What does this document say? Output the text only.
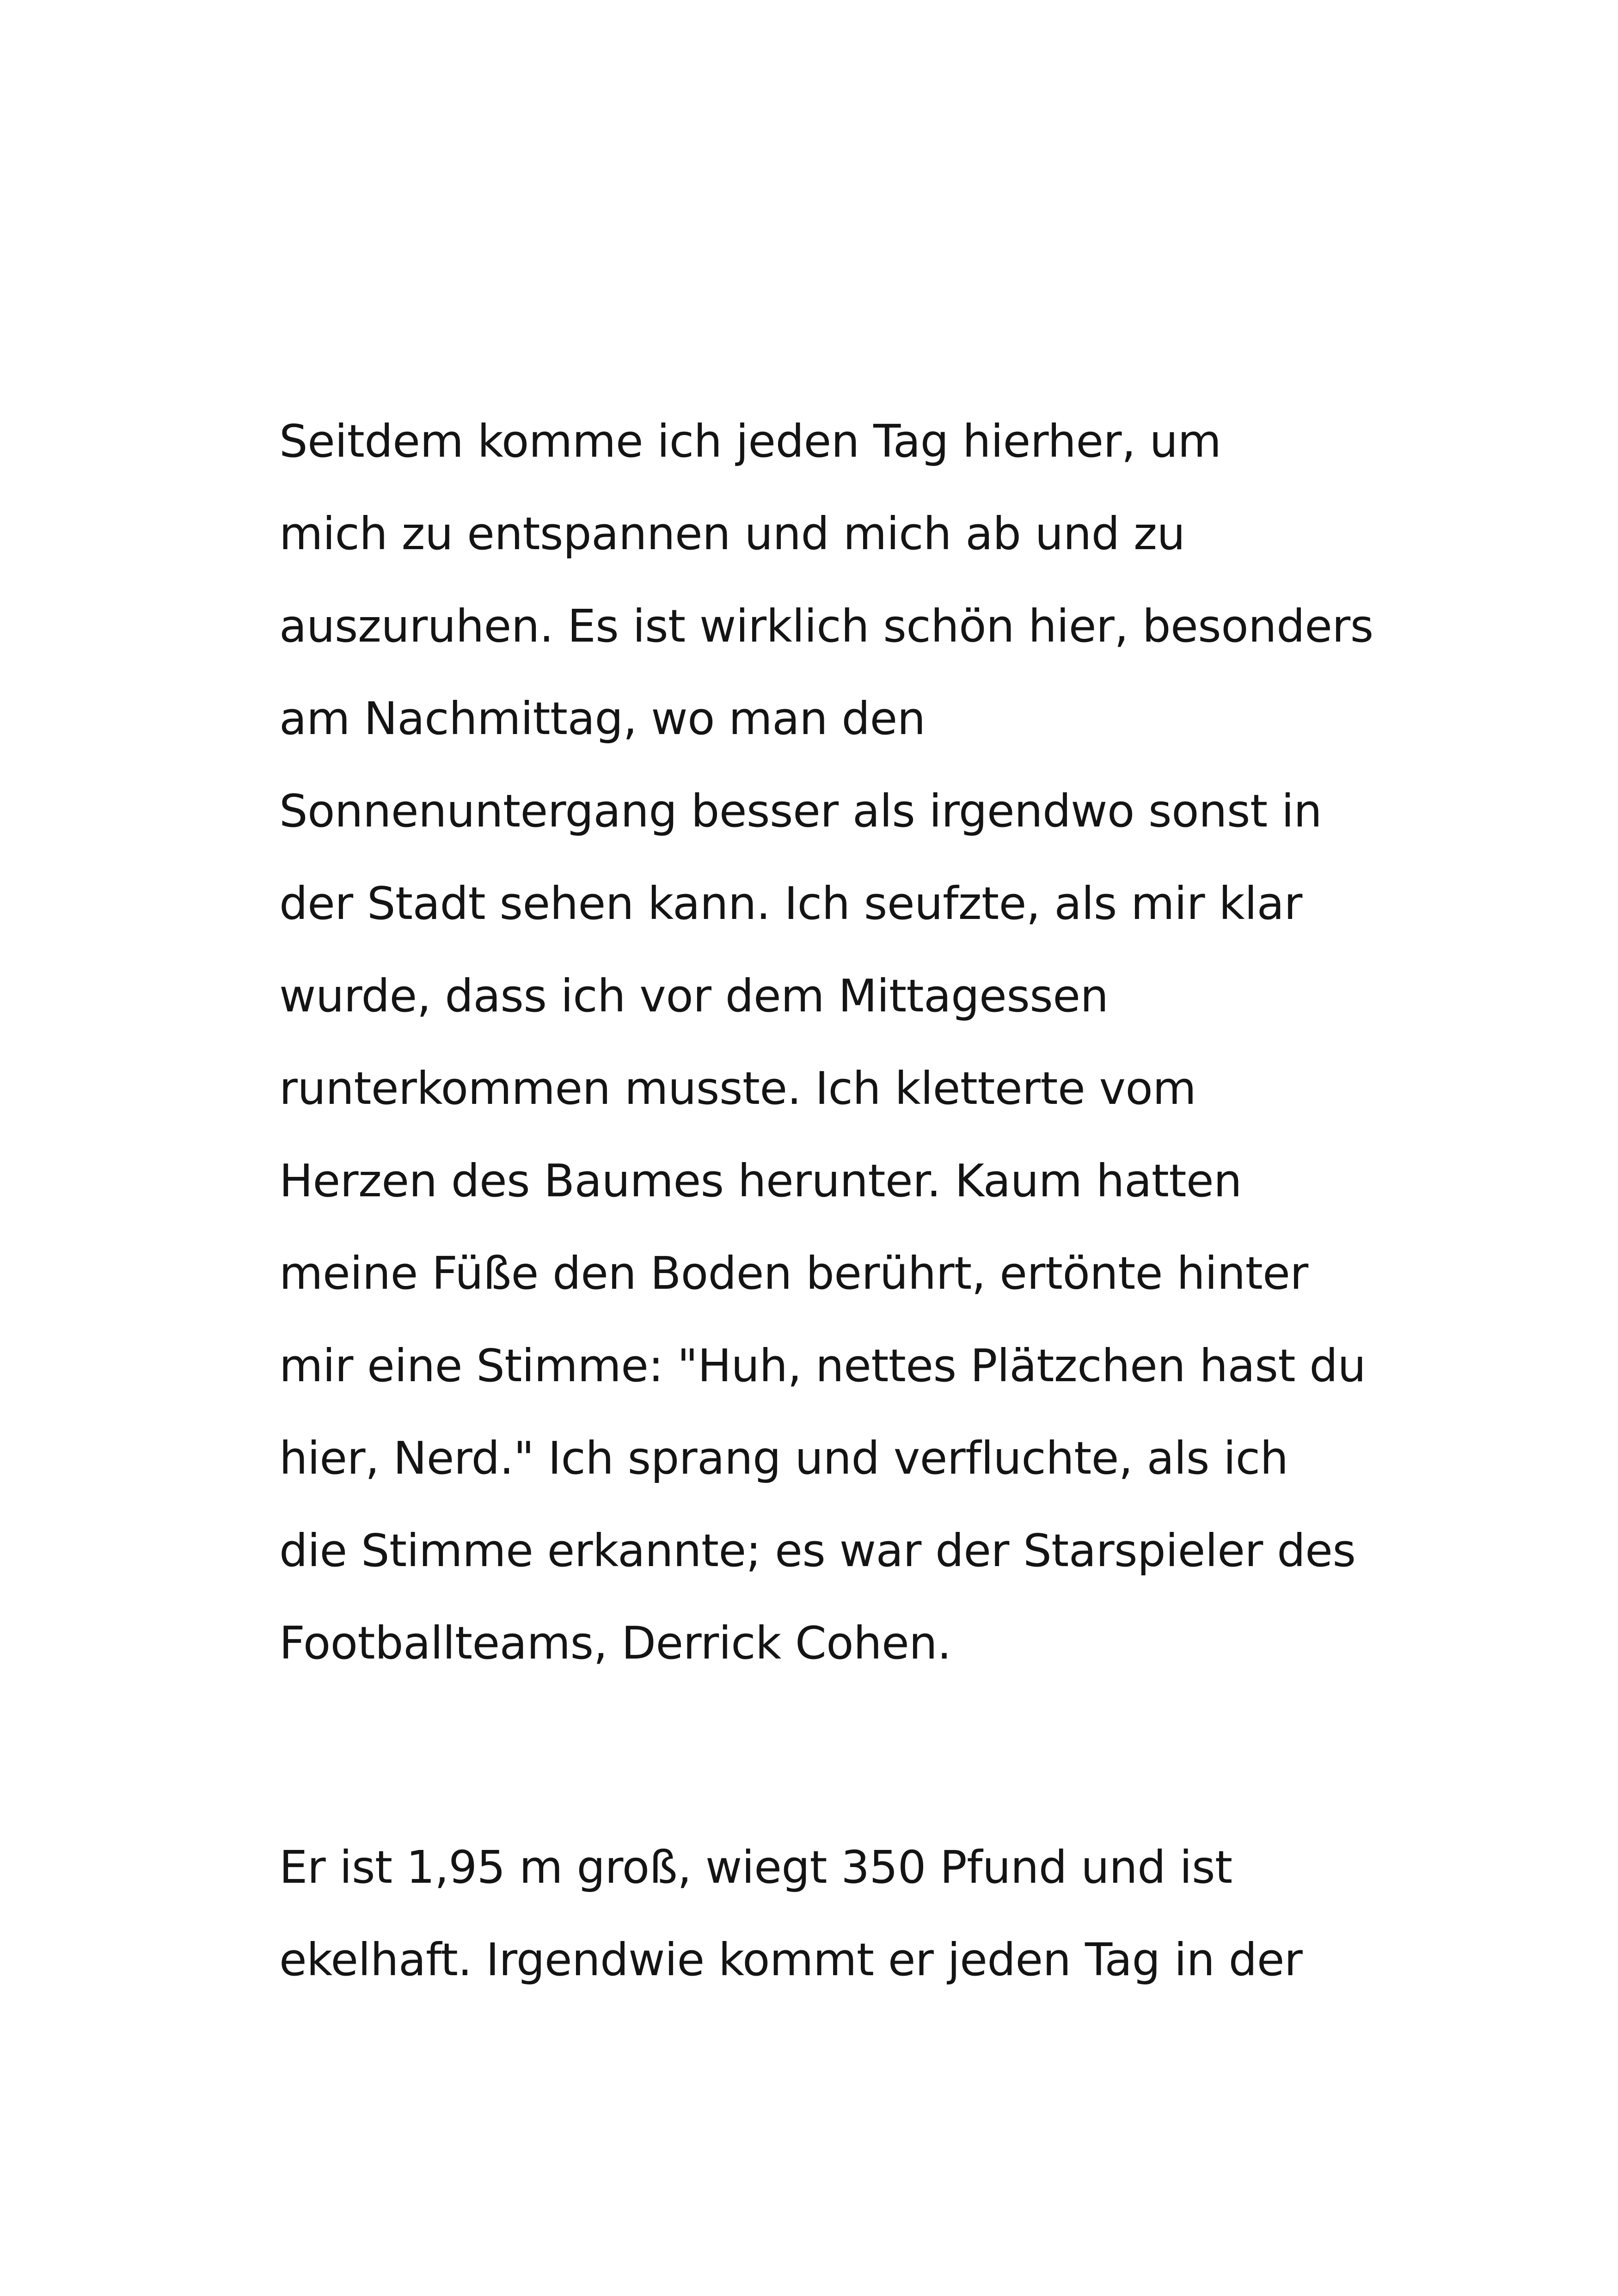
Seitdem komme ich jeden Tag hierher, um
mich zu entspannen und mich ab und zu
auszuruhen. Es ist wirklich schön hier, besonders
am Nachmittag, wo man den
Sonnenuntergang besser als irgendwo sonst in
der Stadt sehen kann. Ich seufzte, als mir klar
wurde, dass ich vor dem Mittagessen
runterkommen musste. Ich kletterte vom
Herzen des Baumes herunter. Kaum hatten
meine Füße den Boden berührt, ertönte hinter
mir eine Stimme: "Huh, nettes Plätzchen hast du
hier, Nerd." Ich sprang und verfluchte, als ich
die Stimme erkannte; es war der Starspieler des
Footballteams, Derrick Cohen.
Er ist 1,95 m groß, wiegt 350 Pfund und ist
ekelhaft. Irgendwie kommt er jeden Tag in der
